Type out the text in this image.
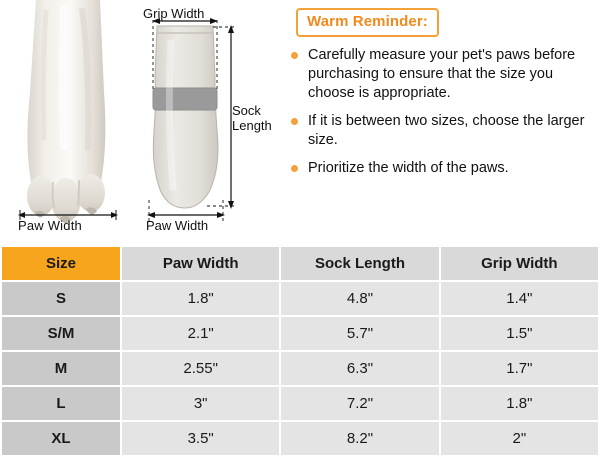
Paw Width
Grip Width
Sock
Length
Paw Width
Warm Reminder:
Carefully measure your pet's paws before purchasing to ensure that the size you choose is appropriate.
If it is between two sizes, choose the larger size.
Prioritize the width of the paws.
Size	Paw Width	Sock Length	Grip Width
S	1.8"	4.8"	1.4"
S/M	2.1"	5.7"	1.5"
M	2.55"	6.3"	1.7"
L	3"	7.2"	1.8"
XL	3.5"	8.2"	2"
